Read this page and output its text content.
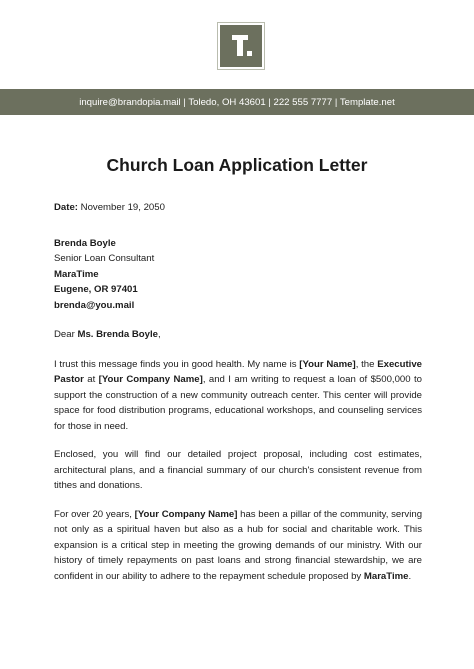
inquire@brandopia.mail | Toledo, OH 43601 | 222 555 7777 | Template.net
Church Loan Application Letter
Date: November 19, 2050
Brenda Boyle
Senior Loan Consultant
MaraTime
Eugene, OR 97401
brenda@you.mail
Dear Ms. Brenda Boyle,

I trust this message finds you in good health. My name is [Your Name], the Executive Pastor at [Your Company Name], and I am writing to request a loan of $500,000 to support the construction of a new community outreach center. This center will provide space for food distribution programs, educational workshops, and counseling services for those in need.

Enclosed, you will find our detailed project proposal, including cost estimates, architectural plans, and a financial summary of our church's consistent revenue from tithes and donations.

For over 20 years, [Your Company Name] has been a pillar of the community, serving not only as a spiritual haven but also as a hub for social and charitable work. This expansion is a critical step in meeting the growing demands of our ministry. With our history of timely repayments on past loans and strong financial stewardship, we are confident in our ability to adhere to the repayment schedule proposed by MaraTime.
